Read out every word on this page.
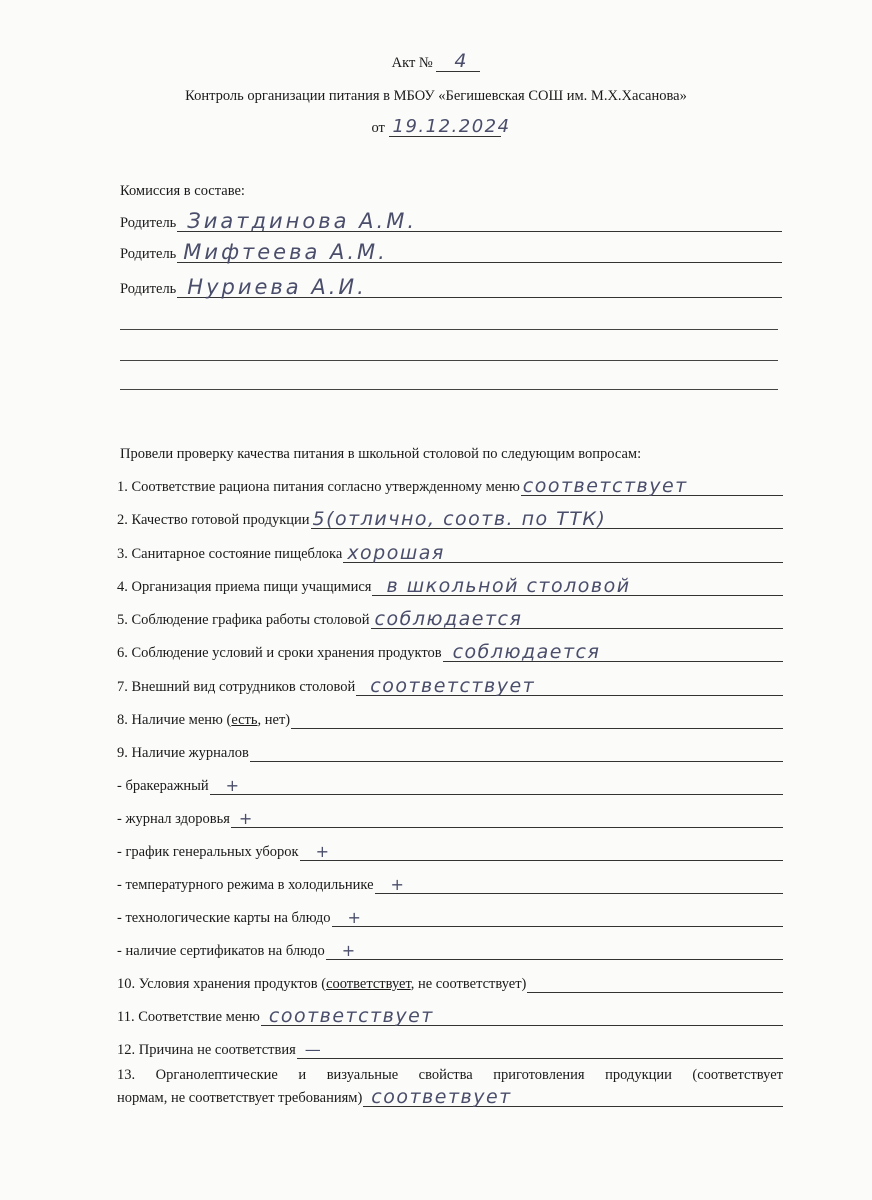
Акт № 4
Контроль организации питания в МБОУ «Бегишевская СОШ им. М.Х.Хасанова»
от 19.12.2024
Комиссия в составе:
Родитель Зиатдинова А.М.
Родитель Мифтеева А.М.
Родитель Нуриева А.И.
Провели проверку качества питания в школьной столовой по следующим вопросам:
1. Соответствие рациона питания согласно утвержденному меню соответствует
2. Качество готовой продукции 5(отлично, соотв. по ТТК)
3. Санитарное состояние пищеблока хорошая
4. Организация приема пищи учащимися в школьной столовой
5. Соблюдение графика работы столовой соблюдается
6. Соблюдение условий и сроки хранения продуктов соблюдается
7. Внешний вид сотрудников столовой соответствует
8. Наличие меню (есть, нет)
9. Наличие журналов
- бракеражный +
- журнал здоровья +
- график генеральных уборок +
- температурного режима в холодильнике +
- технологические карты на блюдо +
- наличие сертификатов на блюдо +
10. Условия хранения продуктов (соответствует, не соответствует)
11. Соответствие меню соответствует
12. Причина не соответствия —
13. Органолептические и визуальные свойства приготовления продукции (соответствует
нормам, не соответствует требованиям) соответвует
